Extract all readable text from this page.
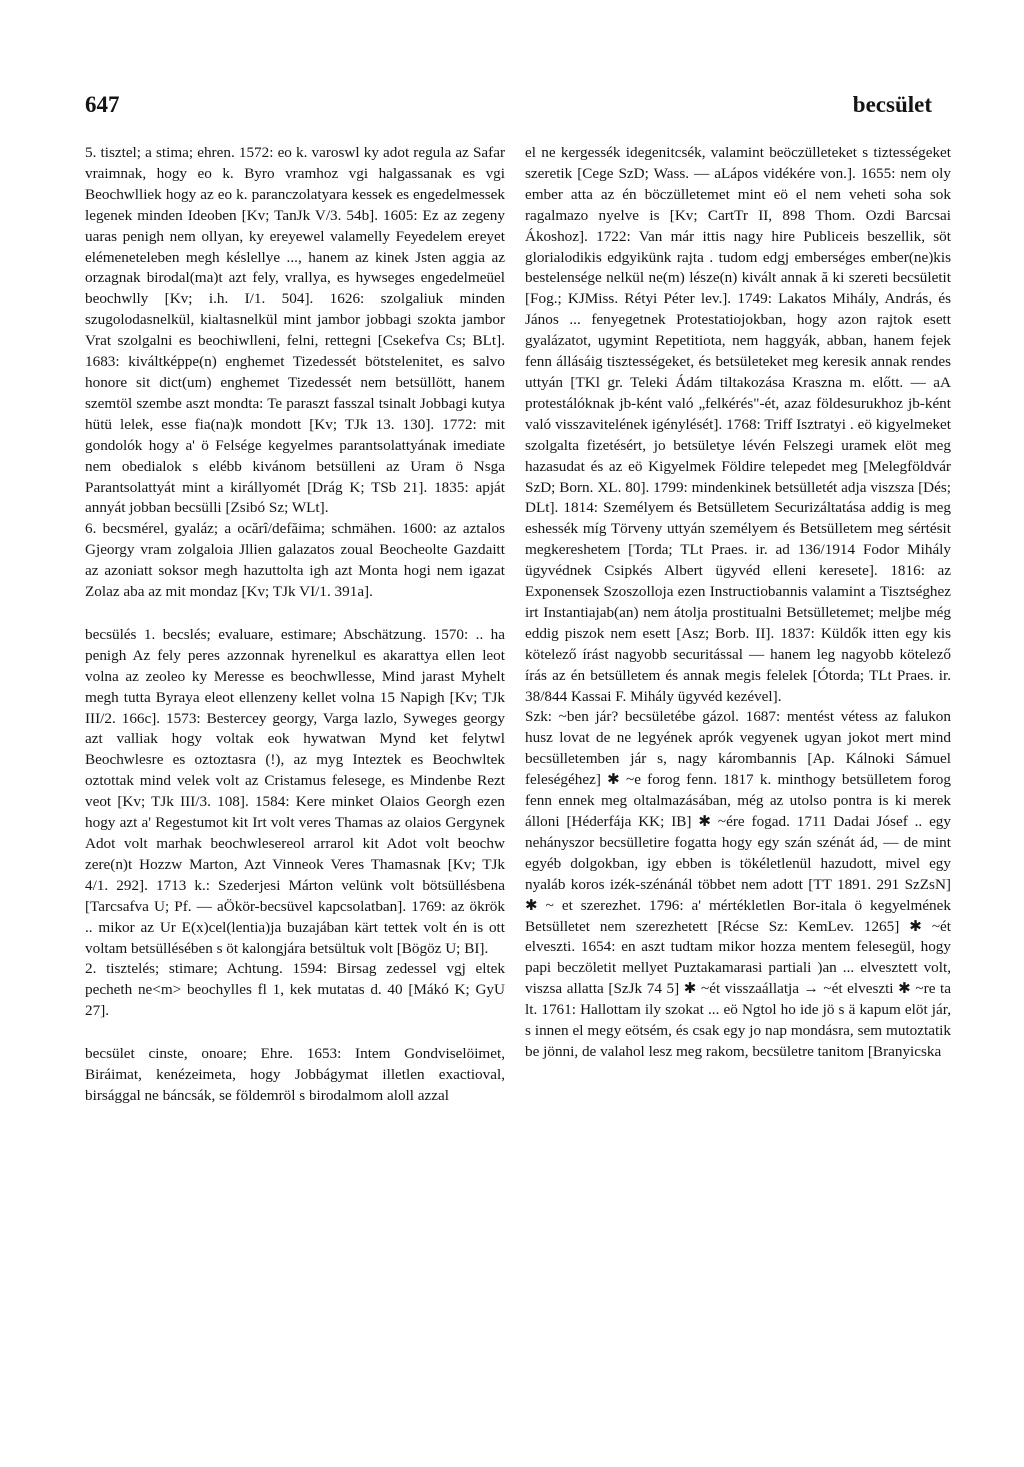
647	becsület

5. tisztel; a stima; ehren. 1572: eo k. varoswl ky adot regula az Safar vraimnak, hogy eo k. Byro vramhoz vgi halgassanak es vgi Beochwlliek hogy az eo k. paranczolatyara kessek es engedelmessek legenek minden Ideoben [Kv; TanJk V/3. 54b]. 1605: Ez az zegeny uaras penigh nem ollyan, ky ereyewel valamelly Feyedelem ereyet elémeneteleben megh késlellye ..., hanem az kinek Jsten aggia az orzagnak birodal(ma)t azt fely, vrallya, es hywseges engedelmeüel beochwlly [Kv; i.h. I/1. 504]. 1626: szolgaliuk minden szugolodasnelkül, kialtasnelkül mint jambor jobbagi szokta jambor Vrat szolgalni es beochiwlleni, felni, rettegni [Csekefva Cs; BLt]. 1683: kiváltképpe(n) enghemet Tizedessét bötstelenitet, es salvo honore sit dict(um) enghemet Tizedessét nem betsüllött, hanem szemtöl szembe aszt mondta: Te paraszt fasszal tsinalt Jobbagi kutya hütü lelek, esse fia(na)k mondott [Kv; TJk 13. 130]. 1772: mit gondolók hogy a' ö Felsége kegyelmes parantsolattyának imediate nem obedialok s elébb kivánom betsülleni az Uram ö Nsga Parantsolattyát mint a királlyomét [Drág K; TSb 21]. 1835: apját annyát jobban becsülli [Zsibó Sz; WLt].

6. becsmérel, gyaláz; a ocărî/defăima; schmähen. 1600: az aztalos Gjeorgy vram zolgaloia Jllien galazatos zoual Beocheolte Gazdaitt az azoniatt soksor megh hazuttolta igh azt Monta hogi nem igazat Zolaz aba az mit mondaz [Kv; TJk VI/1. 391a].

becsülés 1. becslés; evaluare, estimare; Abschätzung. 1570: .. ha penigh Az fely peres azzonnak hyrenelkul es akarattya ellen leot volna az zeoleo ky Meresse es beochwllesse, Mind jarast Myhelt megh tutta Byraya eleot ellenzeny kellet volna 15 Napigh [Kv; TJk III/2. 166c]. 1573: Bestercey georgy, Varga lazlo, Syweges georgy azt valliak hogy voltak eok hywatwan Mynd ket felytwl Beochwlesre es oztoztasra (!), az myg Inteztek es Beochwltek oztottak mind velek volt az Cristamus felesege, es Mindenbe Rezt veot [Kv; TJk III/3. 108]. 1584: Kere minket Olaios Georgh ezen hogy azt a' Regestumot kit Irt volt veres Thamas az olaios Gergynek Adot volt marhak beochwlesereol arrarol kit Adot volt beochw zere(n)t Hozzw Marton, Azt Vinneok Veres Thamasnak [Kv; TJk 4/1. 292]. 1713 k.: Szederjesi Márton velünk volt bötsüllésbena [Tarcsafva U; Pf. — aÖkör-becsüvel kapcsolatban]. 1769: az ökrök .. mikor az Ur E(x)cel(lentia)ja buzajában kärt tettek volt én is ott voltam betsüllésében s öt kalongjára betsültuk volt [Bögöz U; BI].

2. tisztelés; stimare; Achtung. 1594: Birsag zedessel vgj eltek pecheth ne<m> beochylles fl 1, kek mutatas d. 40 [Mákó K; GyU 27].

becsület cinste, onoare; Ehre. 1653: Intem Gondviselöimet, Biráimat, kenézeimeta, hogy Jobbágymat illetlen exactioval, birsággal ne báncsák, se földemröl s birodalmom aloll azzal

el ne kergessék idegenitcsék, valamint beöczülleteket s tiztességeket szeretik [Cege SzD; Wass. — aLápos vidékére von.]. 1655: nem oly ember atta az én böczülletemet mint eö el nem veheti soha sok ragalmazo nyelve is [Kv; CartTr II, 898 Thom. Ozdi Barcsai Ákoshoz]. 1722: Van már ittis nagy hire Publiceis beszellik, söt glorialodikis edgyikünk rajta . tudom edgj emberséges ember(ne)kis bestelensége nelkül ne(m) lésze(n) kivált annak ă ki szereti becsületit [Fog.; KJMiss. Rétyi Péter lev.]. 1749: Lakatos Mihály, András, és János ... fenyegetnek Protestatiojokban, hogy azon rajtok esett gyalázatot, ugymint Repetitiota, nem haggyák, abban, hanem fejek fenn állásáig tisztességeket, és betsületeket meg keresik annak rendes uttyán [TKl gr. Teleki Ádám tiltakozása Kraszna m. előtt. — aA protestálóknak jb-ként való „felkérés"-ét, azaz földesurukhoz jb-ként való visszavitelének igénylését]. 1768: Triff Isztratyi . eö kigyelmeket szolgalta fizetésért, jo betsületye lévén Felszegi uramek elöt meg hazasudat és az eö Kigyelmek Földire telepedet meg [Melegföldvár SzD; Born. XL. 80]. 1799: mindenkinek betsülletét adja viszsza [Dés; DLt]. 1814: Személyem és Betsülletem Securizáltatása addig is meg eshessék míg Törveny uttyán személyem és Betsülletem meg sértésit megkereshetem [Torda; TLt Praes. ir. ad 136/1914 Fodor Mihály ügyvédnek Csipkés Albert ügyvéd elleni keresete]. 1816: az Exponensek Szoszolloja ezen Instructiobannis valamint a Tisztséghez irt Instantiajab(an) nem átolja prostitualni Betsülletemet; meljbe még eddig piszok nem esett [Asz; Borb. II]. 1837: Küldők itten egy kis kötelező írást nagyobb securitással — hanem leg nagyobb kötelező írás az én betsülletem és annak megis felelek [Ótorda; TLt Praes. ir. 38/844 Kassai F. Mihály ügyvéd kezével].

Szk: ~ben jár? becsületébe gázol. 1687: mentést vétess az falukon husz lovat de ne legyének aprók vegyenek ugyan jokot mert mind becsülletemben jár s, nagy kárombannis [Ap. Kálnoki Sámuel feleségéhez] ✱ ~e forog fenn. 1817 k. minthogy betsülletem forog fenn ennek meg oltalmazásában, még az utolso pontra is ki merek álloni [Héderfája KK; IB] ✱ ~ére fogad. 1711 Dadai Jósef .. egy nehányszor becsülletire fogatta hogy egy szán szénát ád, — de mint egyéb dolgokban, igy ebben is tökéletlenül hazudott, mivel egy nyaláb koros izék-szénánál többet nem adott [TT 1891. 291 SzZsN] ✱ ~ et szerezhet. 1796: a' mértékletlen Bor-itala ö kegyelmének Betsülletet nem szerezhetett [Récse Sz: KemLev. 1265] ✱ ~ét elveszti. 1654: en aszt tudtam mikor hozza mentem felesegül, hogy papi beczöletit mellyet Puztakamarasi partiali )an ... elvesztett volt, viszsa allatta [SzJk 74 5] ✱ ~ét visszaállatja → ~ét elveszti ✱ ~re ta lt. 1761: Hallottam ily szokat ... eö Ngtol ho ide jö s ä kapum elöt jár, s innen el megy eötsém, és csak egy jo nap mondásra, sem mutoztatik be jönni, de valahol lesz meg rakom, becsületre tanitom [Branyicska
